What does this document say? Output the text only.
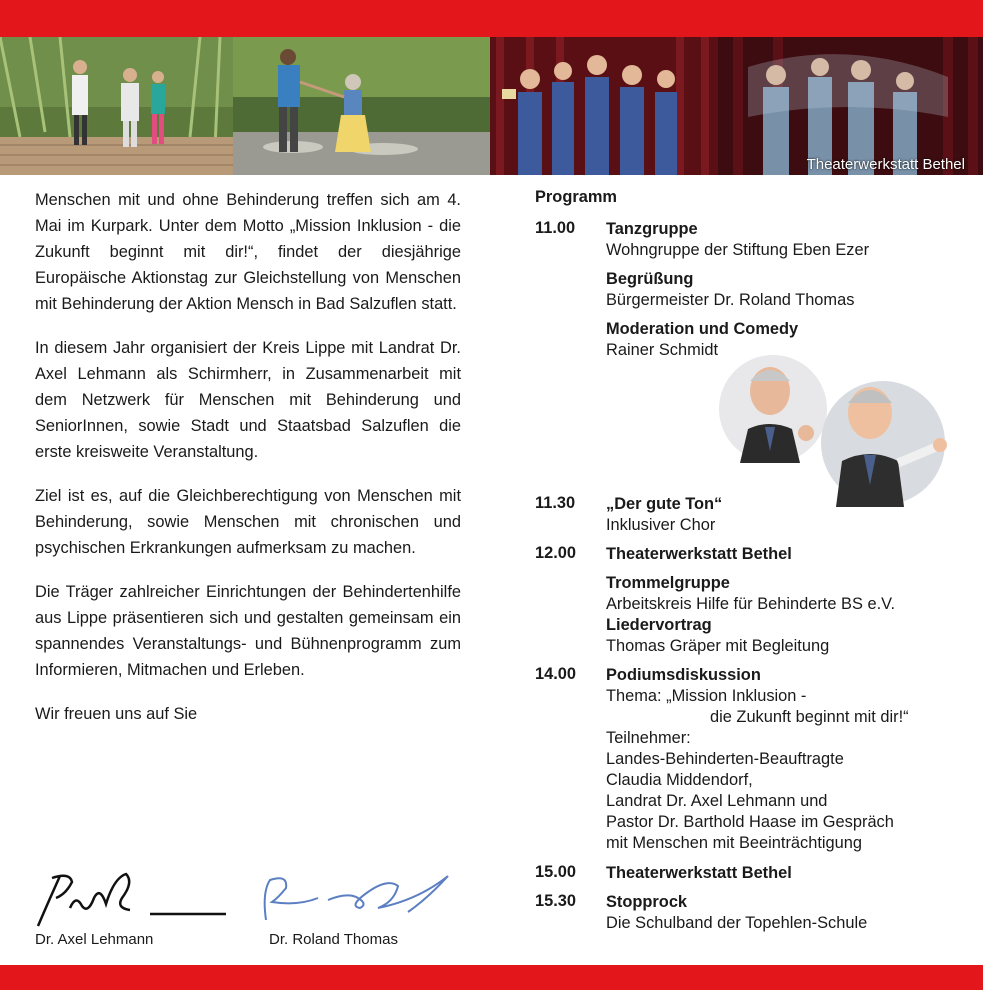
Theaterwerkstatt Bethel

Menschen mit und ohne Behinderung treffen sich am 4. Mai im Kurpark. Unter dem Motto „Mission Inklusion - die Zukunft beginnt mit dir!“, findet der diesjährige Europäische Aktionstag zur Gleichstellung von Menschen mit Behinderung der Aktion Mensch in Bad Salzuflen statt.

In diesem Jahr organisiert der Kreis Lippe mit Landrat Dr. Axel Lehmann als Schirmherr, in Zusammenarbeit mit dem Netzwerk für Menschen mit Behinderung und SeniorInnen, sowie Stadt und Staatsbad Salzuflen die erste kreisweite Veranstaltung.

Ziel ist es, auf die Gleichberechtigung von Menschen mit Behinderung, sowie Menschen mit chronischen und psychischen Erkrankungen aufmerksam zu machen.

Die Träger zahlreicher Einrichtungen der Behindertenhilfe aus Lippe präsentieren sich und gestalten gemeinsam ein spannendes Veranstaltungs- und Bühnenprogramm zum Informieren, Mitmachen und Erleben.

Wir freuen uns auf Sie

Dr. Axel Lehmann	Dr. Roland Thomas
Programm
11.00 Tanzgruppe
Wohngruppe der Stiftung Eben Ezer
Begrüßung
Bürgermeister Dr. Roland Thomas
Moderation und Comedy
Rainer Schmidt
11.30 „Der gute Ton“
Inklusiver Chor
12.00 Theaterwerkstatt Bethel
Trommelgruppe
Arbeitskreis Hilfe für Behinderte BS e.V.
Liedervortrag
Thomas Gräper mit Begleitung
14.00 Podiumsdiskussion
Thema: „Mission Inklusion -
die Zukunft beginnt mit dir!“
Teilnehmer:
Landes-Behinderten-Beauftragte
Claudia Middendorf,
Landrat Dr. Axel Lehmann und
Pastor Dr. Barthold Haase im Gespräch
mit Menschen mit Beeinträchtigung
15.00 Theaterwerkstatt Bethel
15.30 Stopprock
Die Schulband der Topehlen-Schule
